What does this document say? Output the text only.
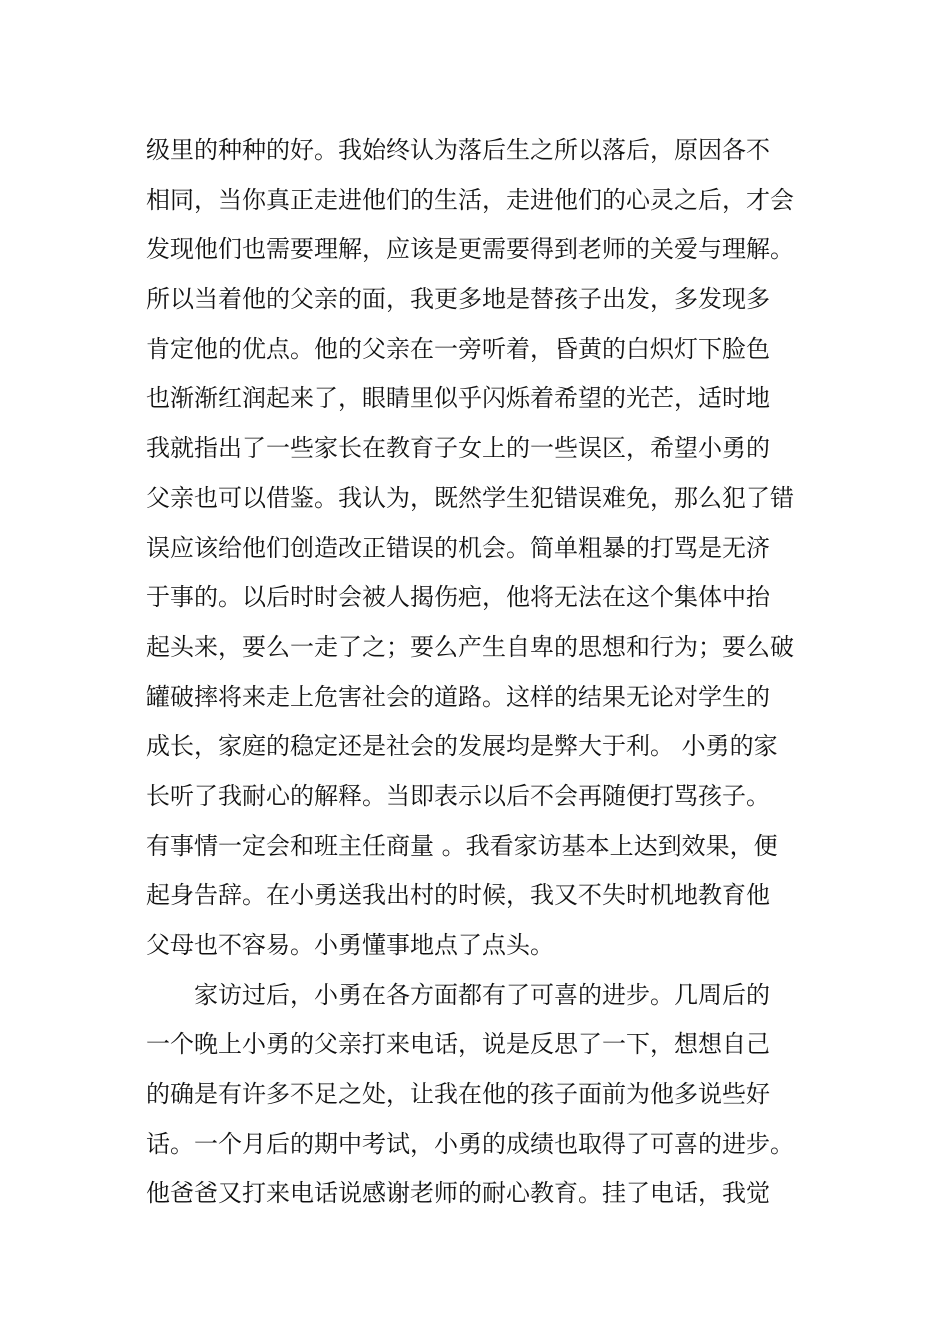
级里的种种的好。我始终认为落后生之所以落后，原因各不
相同，当你真正走进他们的生活，走进他们的心灵之后，才会
发现他们也需要理解，应该是更需要得到老师的关爱与理解。
所以当着他的父亲的面，我更多地是替孩子出发，多发现多
肯定他的优点。他的父亲在一旁听着，昏黄的白炽灯下脸色
也渐渐红润起来了，眼睛里似乎闪烁着希望的光芒，适时地
我就指出了一些家长在教育子女上的一些误区，希望小勇的
父亲也可以借鉴。我认为，既然学生犯错误难免，那么犯了错
误应该给他们创造改正错误的机会。简单粗暴的打骂是无济
于事的。以后时时会被人揭伤疤，他将无法在这个集体中抬
起头来，要么一走了之；要么产生自卑的思想和行为；要么破
罐破摔将来走上危害社会的道路。这样的结果无论对学生的
成长，家庭的稳定还是社会的发展均是弊大于利。 小勇的家
长听了我耐心的解释。当即表示以后不会再随便打骂孩子。
有事情一定会和班主任商量 。我看家访基本上达到效果，便
起身告辞。在小勇送我出村的时候，我又不失时机地教育他
父母也不容易。小勇懂事地点了点头。
家访过后，小勇在各方面都有了可喜的进步。几周后的
一个晚上小勇的父亲打来电话，说是反思了一下，想想自己
的确是有许多不足之处，让我在他的孩子面前为他多说些好
话。一个月后的期中考试，小勇的成绩也取得了可喜的进步。
他爸爸又打来电话说感谢老师的耐心教育。挂了电话，我觉
